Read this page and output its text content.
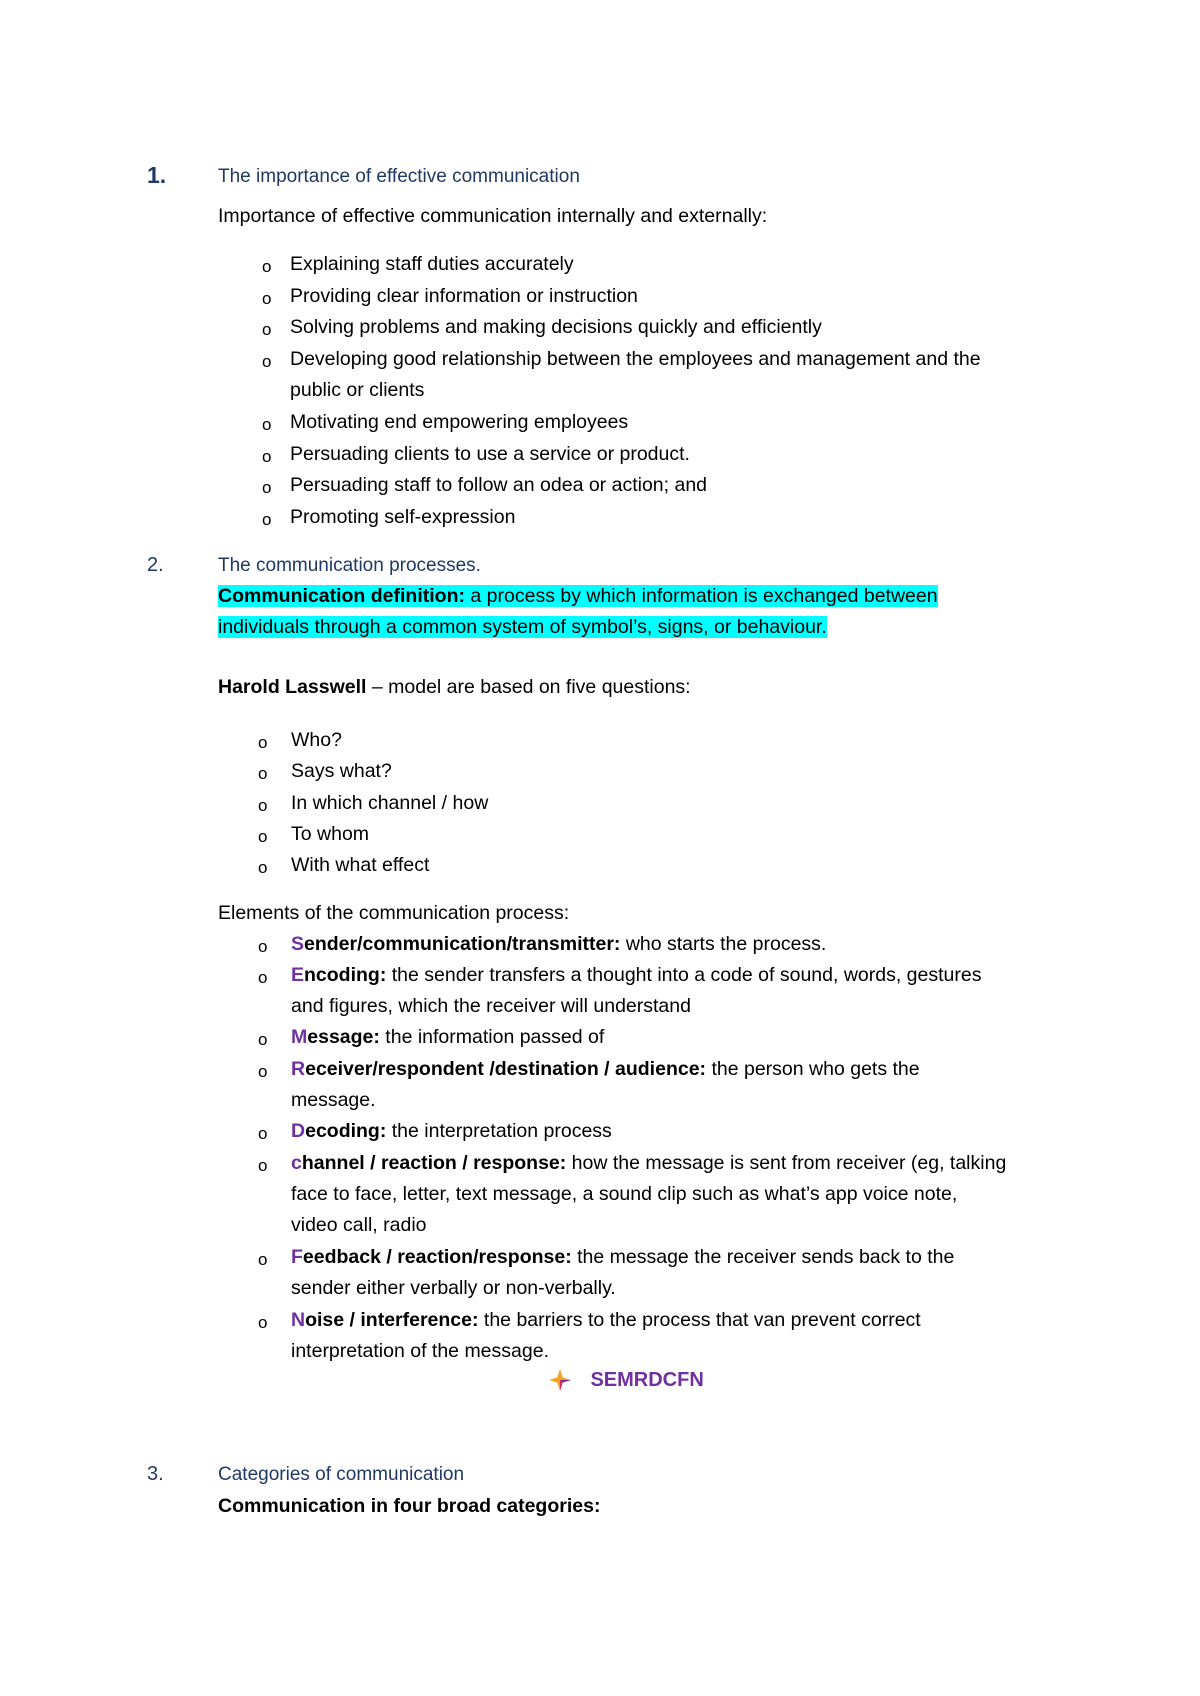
1.	The importance of effective communication
Importance of effective communication internally and externally:
o Explaining staff duties accurately
o Providing clear information or instruction
o Solving problems and making decisions quickly and efficiently
o Developing good relationship between the employees and management and the
public or clients
o Motivating end empowering employees
o Persuading clients to use a service or product.
o Persuading staff to follow an odea or action; and
o Promoting self-expression
2.	The communication processes.
Communication definition: a process by which information is exchanged between
individuals through a common system of symbol’s, signs, or behaviour.
Harold Lasswell – model are based on five questions:
o Who?
o Says what?
o In which channel / how
o To whom
o With what effect
Elements of the communication process:
o Sender/communication/transmitter: who starts the process.
o Encoding: the sender transfers a thought into a code of sound, words, gestures
and figures, which the receiver will understand
o Message: the information passed of
o Receiver/respondent /destination / audience: the person who gets the
message.
o Decoding: the interpretation process
o channel / reaction / response: how the message is sent from receiver (eg, talking
face to face, letter, text message, a sound clip such as what’s app voice note,
video call, radio
o Feedback / reaction/response: the message the receiver sends back to the
sender either verbally or non-verbally.
o Noise / interference: the barriers to the process that van prevent correct
interpretation of the message.
SEMRDCFN
3.	Categories of communication
Communication in four broad categories:
